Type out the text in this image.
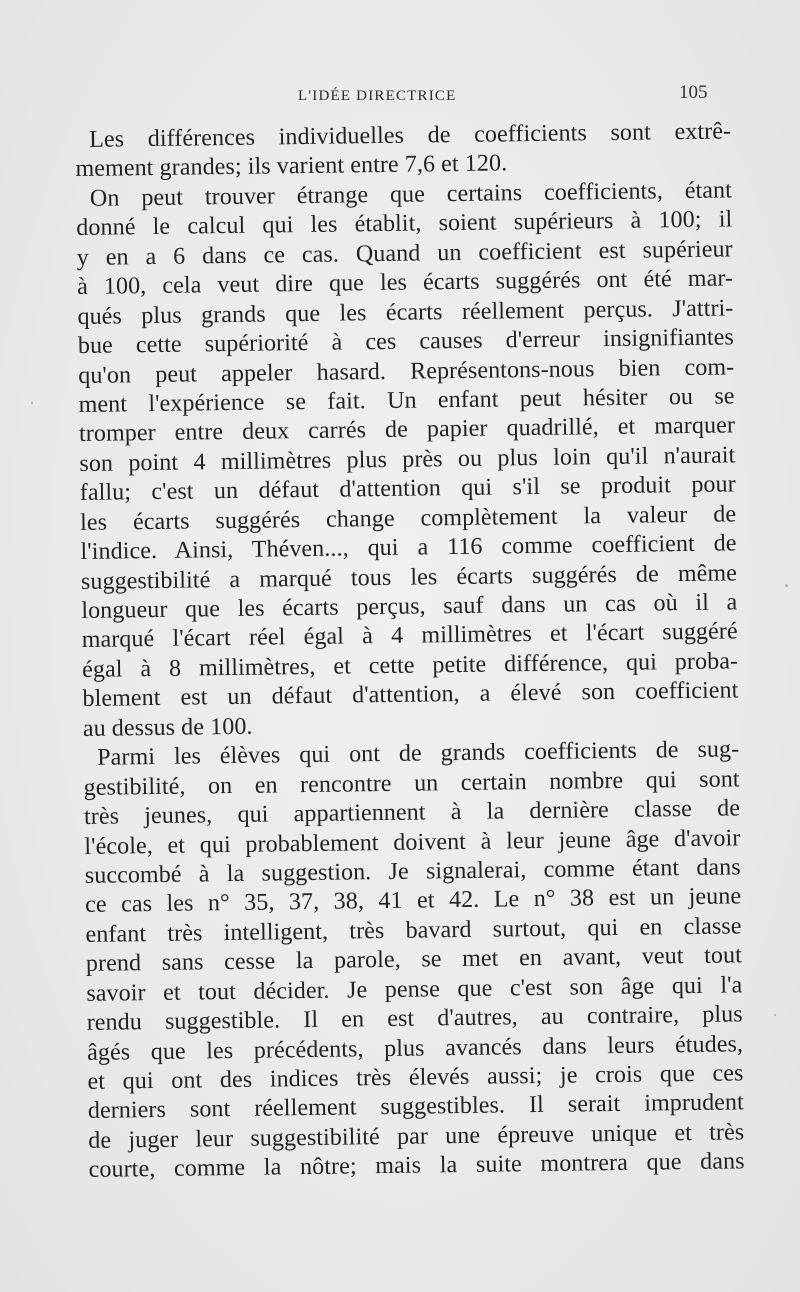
L'IDÉE DIRECTRICE	105
Les différences individuelles de coefficients sont extrê-
mement grandes; ils varient entre 7,6 et 120.
On peut trouver étrange que certains coefficients, étant
donné le calcul qui les établit, soient supérieurs à 100; il
y en a 6 dans ce cas. Quand un coefficient est supérieur
à 100, cela veut dire que les écarts suggérés ont été mar-
qués plus grands que les écarts réellement perçus. J'attri-
bue cette supériorité à ces causes d'erreur insignifiantes
qu'on peut appeler hasard. Représentons-nous bien com-
ment l'expérience se fait. Un enfant peut hésiter ou se
tromper entre deux carrés de papier quadrillé, et marquer
son point 4 millimètres plus près ou plus loin qu'il n'aurait
fallu; c'est un défaut d'attention qui s'il se produit pour
les écarts suggérés change complètement la valeur de
l'indice. Ainsi, Théven..., qui a 116 comme coefficient de
suggestibilité a marqué tous les écarts suggérés de même
longueur que les écarts perçus, sauf dans un cas où il a
marqué l'écart réel égal à 4 millimètres et l'écart suggéré
égal à 8 millimètres, et cette petite différence, qui proba-
blement est un défaut d'attention, a élevé son coefficient
au dessus de 100.
Parmi les élèves qui ont de grands coefficients de sug-
gestibilité, on en rencontre un certain nombre qui sont
très jeunes, qui appartiennent à la dernière classe de
l'école, et qui probablement doivent à leur jeune âge d'avoir
succombé à la suggestion. Je signalerai, comme étant dans
ce cas les n° 35, 37, 38, 41 et 42. Le n° 38 est un jeune
enfant très intelligent, très bavard surtout, qui en classe
prend sans cesse la parole, se met en avant, veut tout
savoir et tout décider. Je pense que c'est son âge qui l'a
rendu suggestible. Il en est d'autres, au contraire, plus
âgés que les précédents, plus avancés dans leurs études,
et qui ont des indices très élevés aussi; je crois que ces
derniers sont réellement suggestibles. Il serait imprudent
de juger leur suggestibilité par une épreuve unique et très
courte, comme la nôtre; mais la suite montrera que dans
